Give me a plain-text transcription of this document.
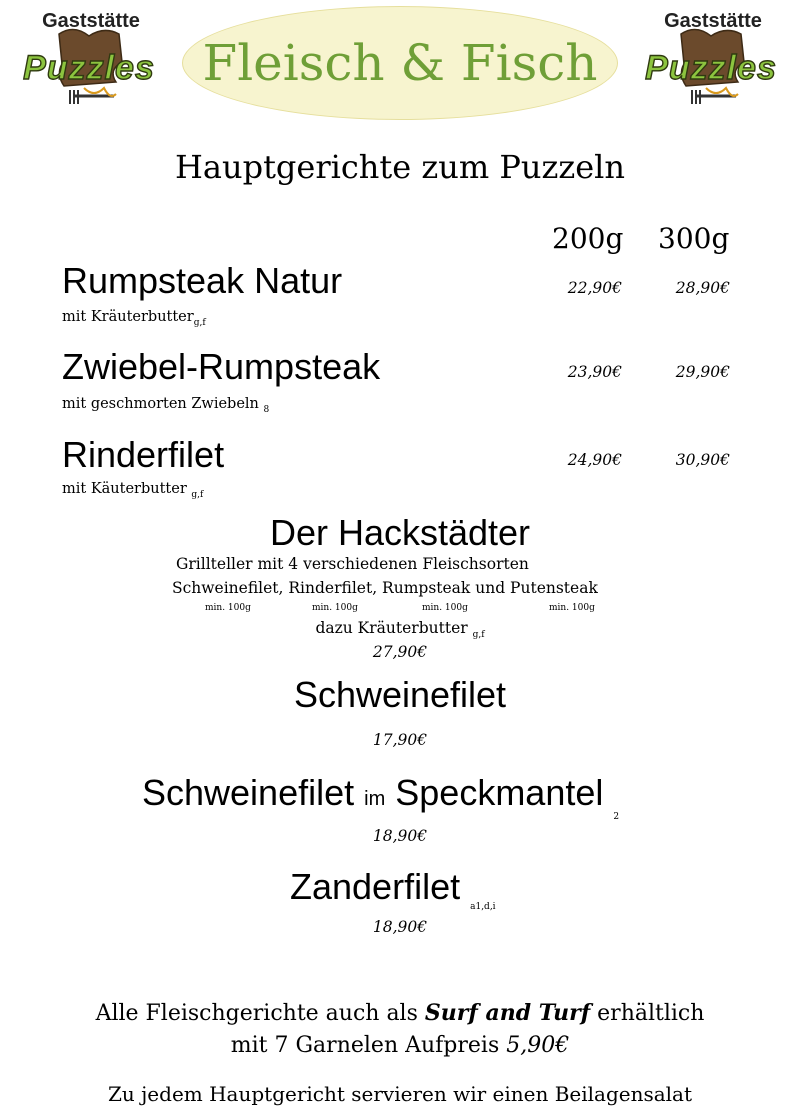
Gaststätte
Puzzles Fleisch & Fisch
Gaststätte
Puzzles
Hauptgerichte zum Puzzeln
200g 300g
Rumpsteak Natur	22,90€	28,90€
mit Kräuterbutter$_{g,f}$
Zwiebel-Rumpsteak	23,90€	29,90€
mit geschmorten Zwiebeln $_8$
Rinderfilet	24,90€	30,90€
mit Käuterbutter $_{g,f}$
Der Hackstädter
Grillteller mit 4 verschiedenen Fleischsorten
Schweinefilet, Rinderfilet, Rumpsteak und Putensteak
min. 100g	min. 100g	min. 100g	min. 100g
dazu Kräuterbutter $_{g,f}$
27,90€
Schweinefilet
17,90€
Schweinefilet im Speckmantel $_2$
18,90€
Zanderfilet $_{a1,d,i}$
18,90€
Alle Fleischgerichte auch als Surf and Turf erhältlich
mit 7 Garnelen Aufpreis 5,90€
Zu jedem Hauptgericht servieren wir einen Beilagensalat
